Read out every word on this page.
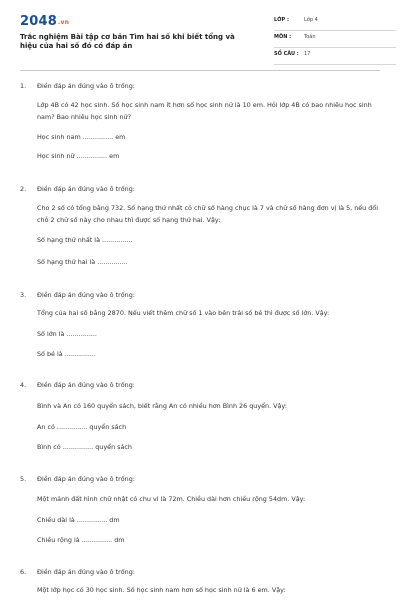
2048.vn
Trắc nghiệm Bài tập cơ bản Tìm hai số khi biết tổng và hiệu của hai số đó có đáp án
LỚP :	Lớp 4
MÔN :	Toán
SỐ CÂU : 17
1. Điền đáp án đúng vào ô trống:
Lớp 4B có 42 học sinh. Số học sinh nam ít hơn số học sinh nữ là 10 em. Hỏi lớp 4B có bao nhiêu học sinh nam? Bao nhiêu học sinh nữ?
Học sinh nam ............... em
Học sinh nữ ............... em
2. Điền đáp án đúng vào ô trống:
Cho 2 số có tổng bằng 732. Số hạng thứ nhất có chữ số hàng chục là 7 và chữ số hàng đơn vị là 5, nếu đổi chỗ 2 chữ số này cho nhau thì được số hạng thứ hai. Vậy:
Số hạng thứ nhất là ...............
Số hạng thứ hai là ...............
3. Điền đáp án đúng vào ô trống:
Tổng của hai số bằng 2870. Nếu viết thêm chữ số 1 vào bên trái số bé thì được số lớn. Vậy:
Số lớn là ...............
Số bé là ...............
4. Điền đáp án đúng vào ô trống:
Bình và An có 160 quyển sách, biết rằng An có nhiều hơn Bình 26 quyển. Vậy:
An có ............... quyển sách
Bình có ............... quyển sách
5. Điền đáp án đúng vào ô trống:
Một mảnh đất hình chữ nhật có chu vi là 72m. Chiều dài hơn chiều rộng 54dm. Vậy:
Chiều dài là ............... dm
Chiều rộng là ............... dm
6. Điền đáp án đúng vào ô trống:
Một lớp học có 30 học sinh. Số học sinh nam hơn số học sinh nữ là 6 em. Vậy:
